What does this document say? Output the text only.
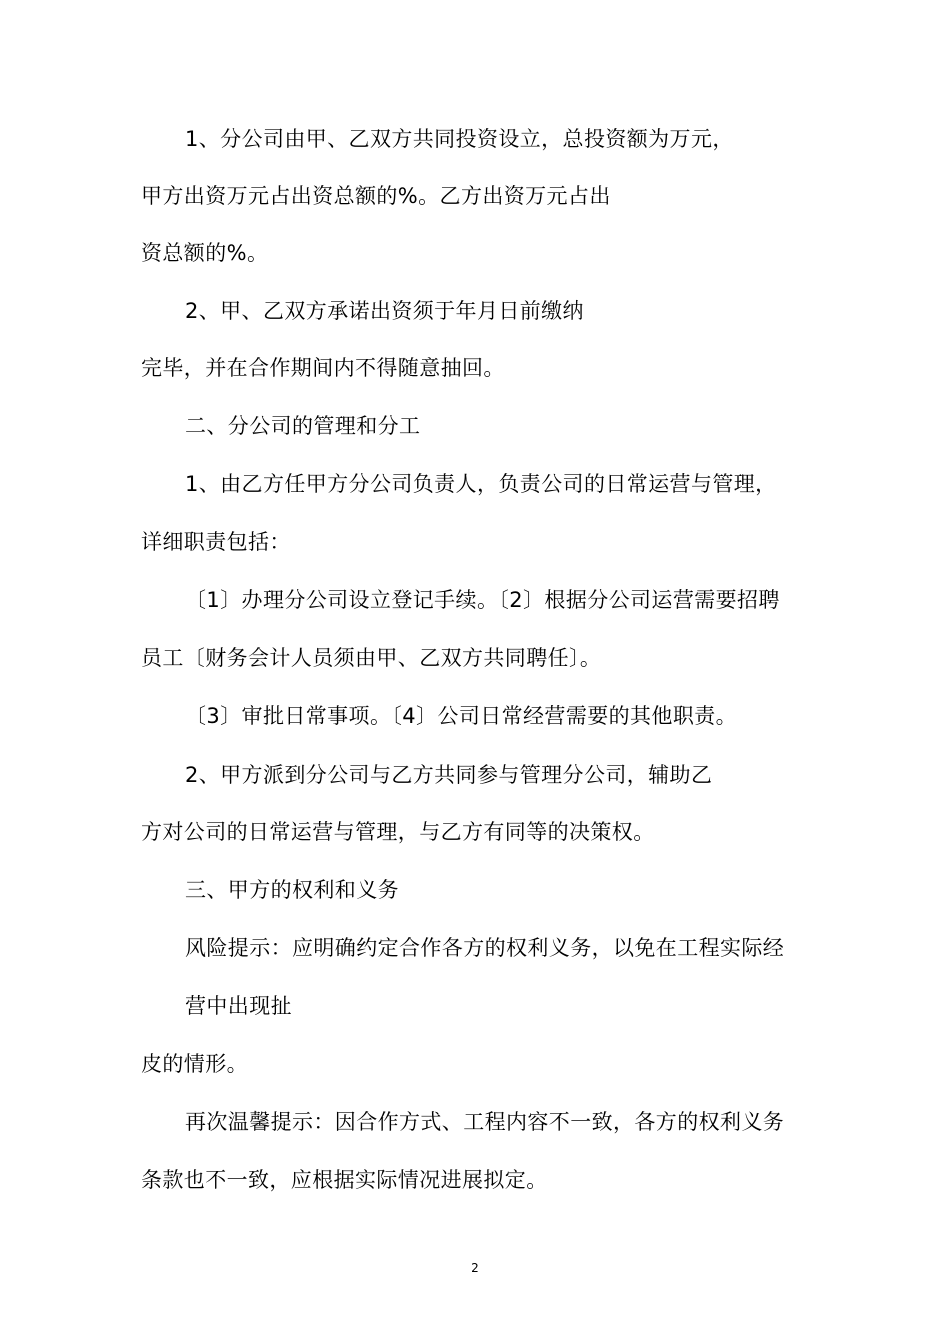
1、分公司由甲、乙双方共同投资设立，总投资额为万元，
甲方出资万元占出资总额的%。乙方出资万元占出
资总额的%。
2、甲、乙双方承诺出资须于年月日前缴纳
完毕，并在合作期间内不得随意抽回。
二、分公司的管理和分工
1、由乙方任甲方分公司负责人，负责公司的日常运营与管理，
详细职责包括：
〔1〕办理分公司设立登记手续。〔2〕根据分公司运营需要招聘
员工〔财务会计人员须由甲、乙双方共同聘任〕。
〔3〕审批日常事项。〔4〕公司日常经营需要的其他职责。
2、甲方派到分公司与乙方共同参与管理分公司，辅助乙
方对公司的日常运营与管理，与乙方有同等的决策权。
三、甲方的权利和义务
风险提示：应明确约定合作各方的权利义务，以免在工程实际经
营中出现扯
皮的情形。
再次温馨提示：因合作方式、工程内容不一致，各方的权利义务
条款也不一致，应根据实际情况进展拟定。
2
